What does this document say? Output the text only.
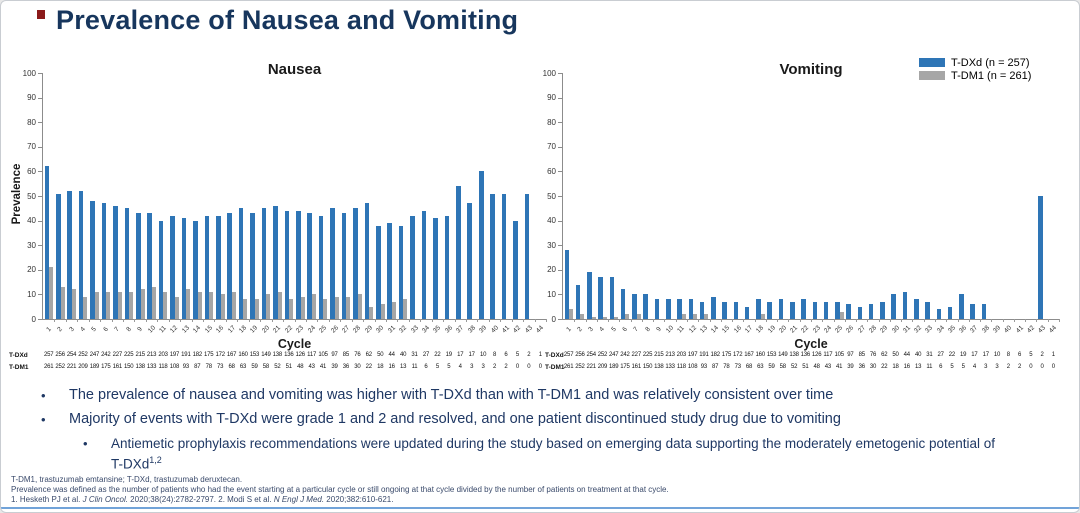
Prevalence of Nausea and Vomiting
T-DXd (n = 257)
T-DM1 (n = 261)
Nausea
Prevalence
0
10
20
30
40
50
60
70
80
90
100
1 2 3 4 5 6 7 8 9 10 11 12 13 14 15 16 17 18 19 20 21 22 23 24 25 26 27 28 29 30 31 32 33 34 35 36 37 38 39 40 41 42 43 44
Cycle
T-DXd	257 256 254 252 247 242 227 225 215 213 203 197 191 182 175 172 167 160 153 149 138 136 126 117 105 97 85 76 62 50 44 40 31 27 22 19 17 17 10	8	6	5	2	1
T-DM1	261 252 221 209 189 175 161 150 138 133 118 108 93 87 78 73 68 63 59 58 52 51 48 43 41 39 36 30 22 18 16 13 11	6	5	5	4	3	3	2	2	0	0	0
Vomiting
0
10
20
30
40
50
60
70
80
90
100
1 2 3 4 5 6 7 8 9 10 11 12 13 14 15 16 17 18 19 20 21 22 23 24 25 26 27 28 29 30 31 32 33 34 35 36 37 38 39 40 41 42 43 44
Cycle
T-DXd 257 256 254 252 247 242 227 225 215 213 203 197 191 182 175 172 167 160 153 149 138 136 126 117 105 97 85 76 62 50 44 40 31 27 22 19 17 17 10	8	6	5	2	1
T-DM1 261 252 221 209 189 175 161 150 138 133 118 108 93 87 78 73 68 63 59 58 52 51 48 43 41 39 36 30 22 18 16 13 11	6	5	5	4	3	3	2	2	0	0	0
•	The prevalence of nausea and vomiting was higher with T-DXd than with T-DM1 and was relatively consistent over time
•	Majority of events with T-DXd were grade 1 and 2 and resolved, and one patient discontinued study drug due to vomiting
•	Antiemetic prophylaxis recommendations were updated during the study based on emerging data supporting the moderately emetogenic potential of T-DXd$^{1,2}$
T-DM1, trastuzumab emtansine; T-DXd, trastuzumab deruxtecan.
Prevalence was defined as the number of patients who had the event starting at a particular cycle or still ongoing at that cycle divided by the number of patients on treatment at that cycle.
1. Hesketh PJ et al. J Clin Oncol. 2020;38(24):2782-2797. 2. Modi S et al. N Engl J Med. 2020;382:610-621.
